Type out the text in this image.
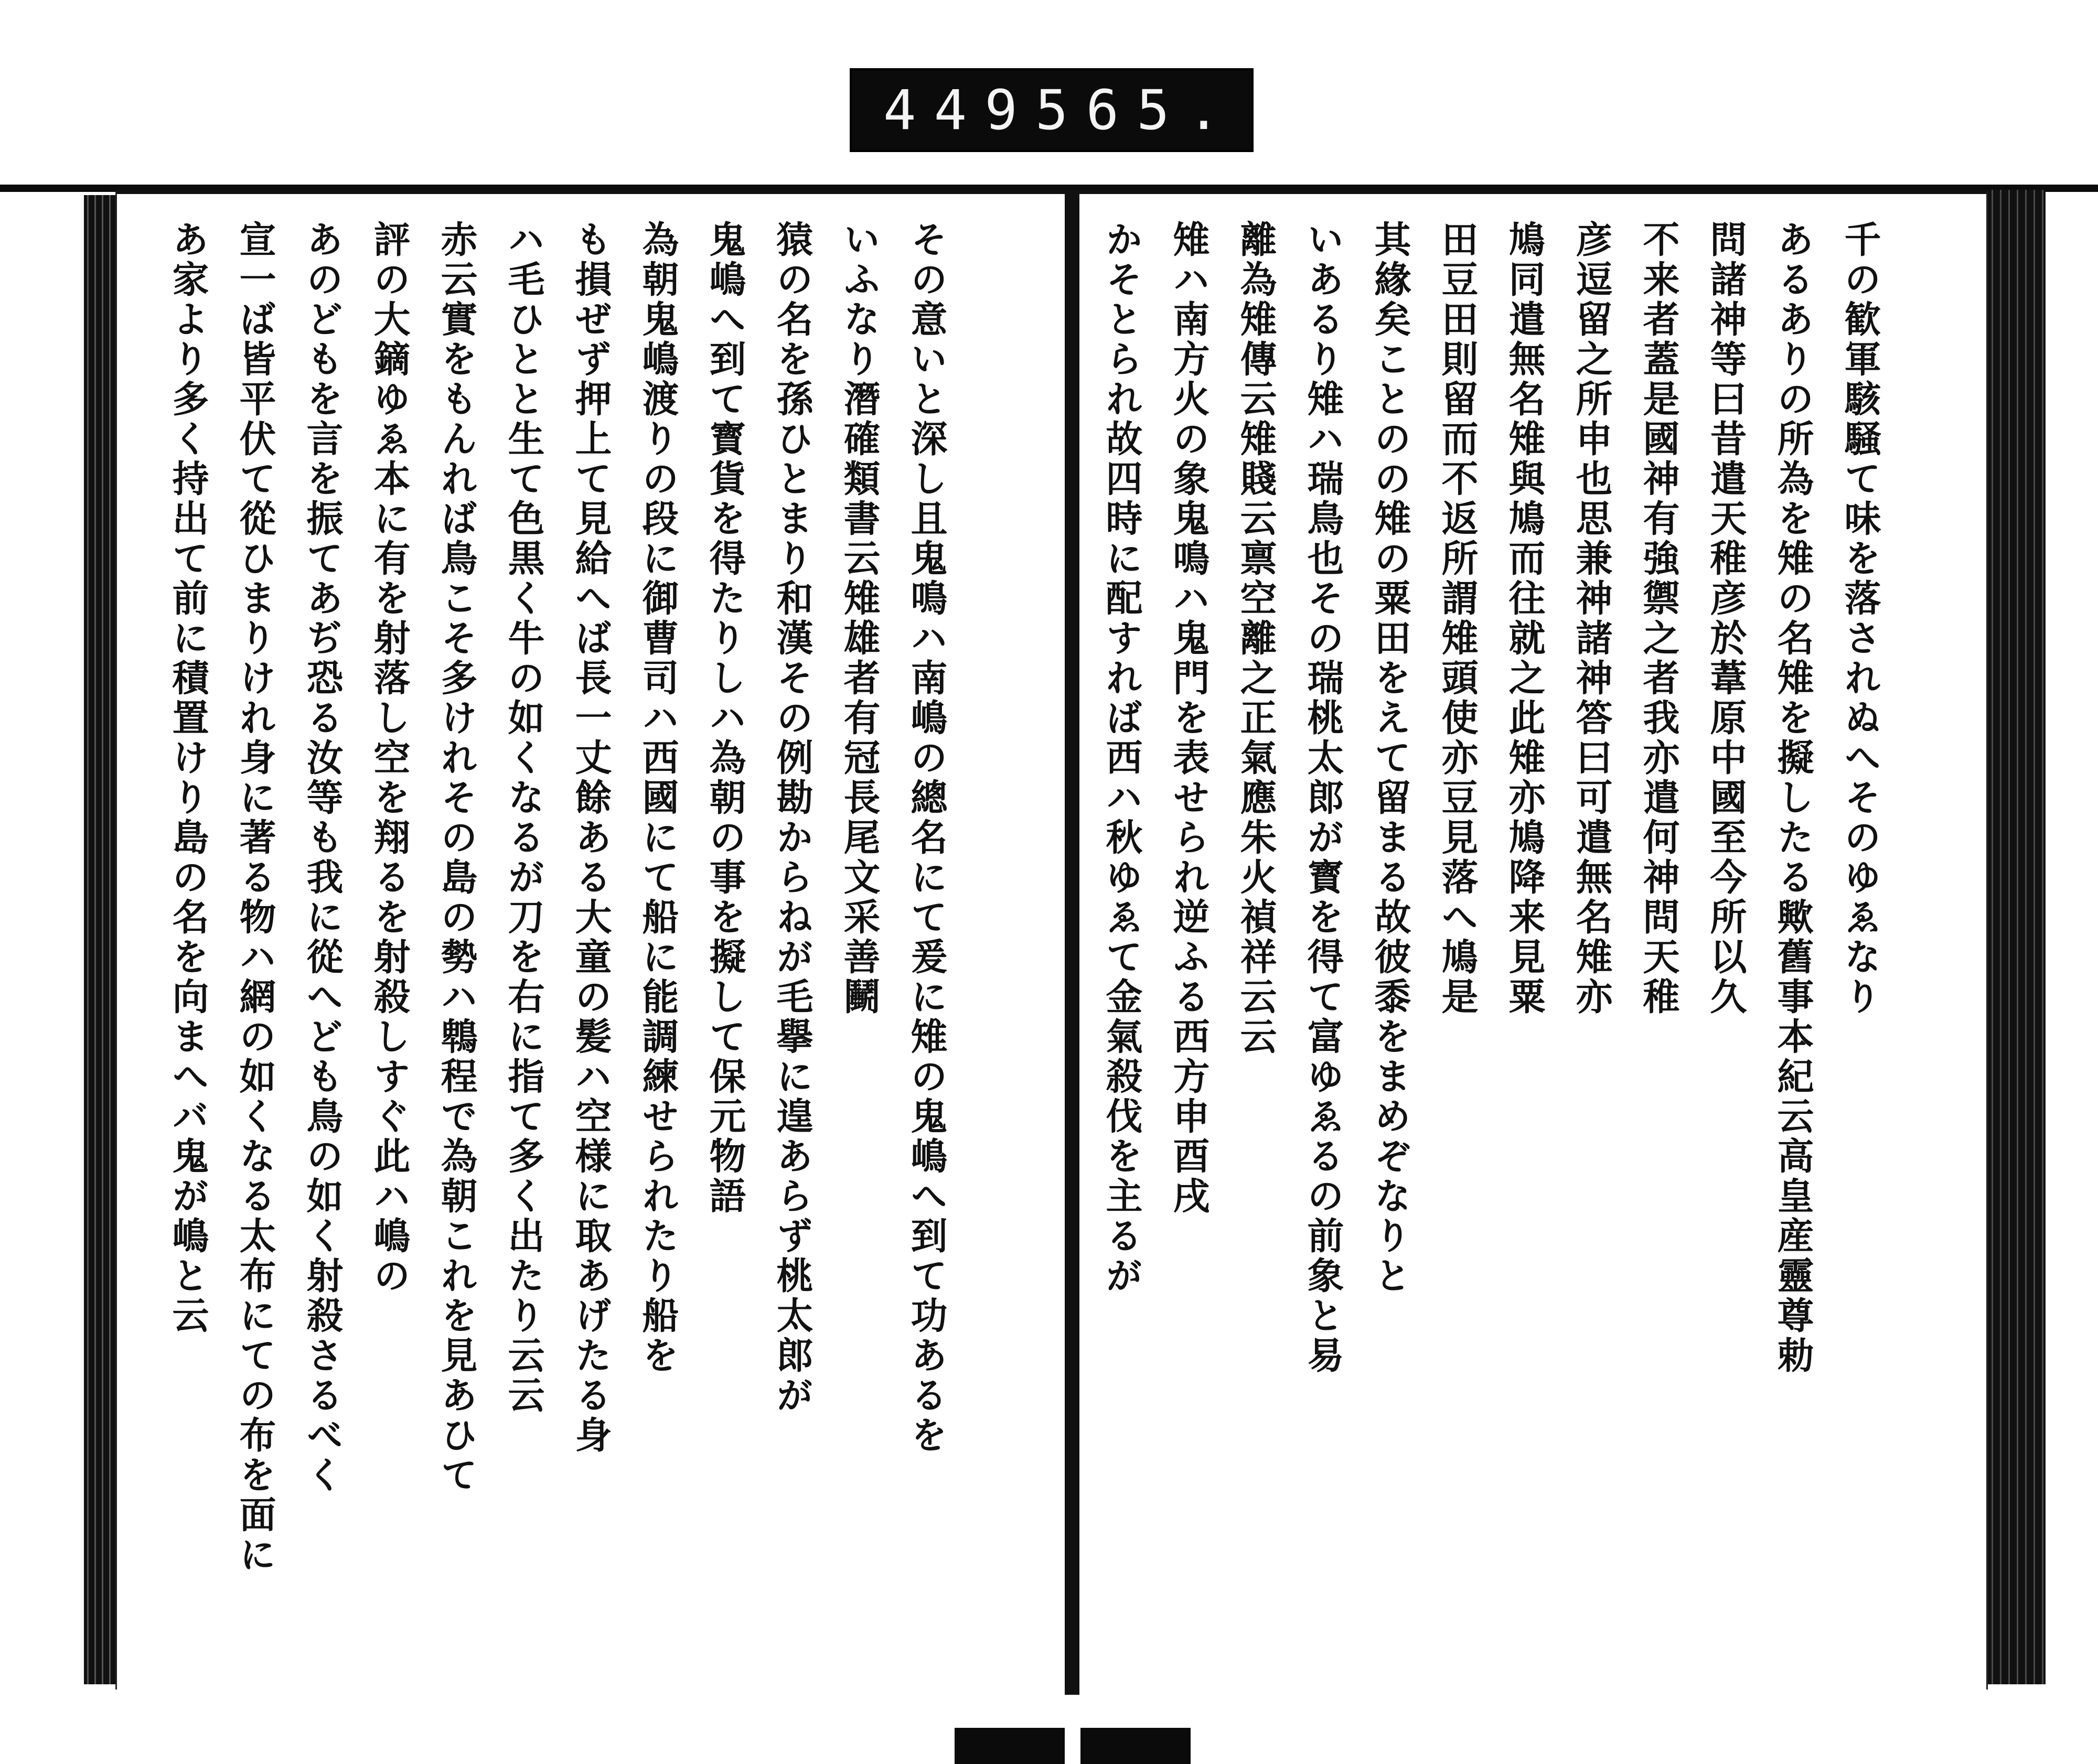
449 565.
千の歓軍駭騒て味を落されぬへそのゆゑなり
あるありの所為を雉の名雉を擬したる歟舊事本紀云高皇産靈尊勅
問諸神等曰昔遣天稚彦於葦原中國至今所以久
不来者蓋是國神有強禦之者我亦遣何神問天稚
彦逗留之所申也思兼神諸神答曰可遣無名雉亦
鳩同遣無名雉與鳩而往就之此雉亦鳩降来見粟
田豆田則留而不返所謂雉頭使亦豆見落へ鳩是
其緣矣ことのの雉の粟田をえて留まる故彼黍をまめぞなりと
いあるり雉ハ瑞鳥也その瑞桃太郎が寳を得て富ゆゑるの前象と易
離為雉傳云雉賤云禀空離之正氣應朱火禎祥云云
雉ハ南方火の象鬼鳴ハ鬼門を表せられ逆ふる西方申酉戌
かそとられ故四時に配すれば西ハ秋ゆゑて金氣殺伐を主るが
その意いと深し且鬼鳴ハ南嶋の總名にて爰に雉の鬼嶋へ到て功あるを
いふなり潛確類書云雉雄者有冠長尾文采善鬭
猿の名を孫ひとまり和漢その例勘からねが毛擧に遑あらず桃太郎が
鬼嶋へ到て寳貨を得たりしハ為朝の事を擬して保元物語
為朝鬼嶋渡りの段に御曹司ハ西國にて船に能調練せられたり船を
も損ぜず押上て見給へば長一丈餘ある大童の髪ハ空様に取あげたる身
ハ毛ひとと生て色黒く牛の如くなるが刀を右に指て多く出たり云云
赤云實をもんれば鳥こそ多けれその島の勢ハ鵯程で為朝これを見あひて
評の大鏑ゆゑ本に有を射落し空を翔るを射殺しすぐ此ハ嶋の
あのどもを言を振てあぢ恐る汝等も我に從へども鳥の如く射殺さるべく
宣一ば皆平伏て從ひまりけれ身に著る物ハ網の如くなる太布にての布を面に
あ家より多く持出て前に積置けり島の名を向まへバ鬼が嶋と云
